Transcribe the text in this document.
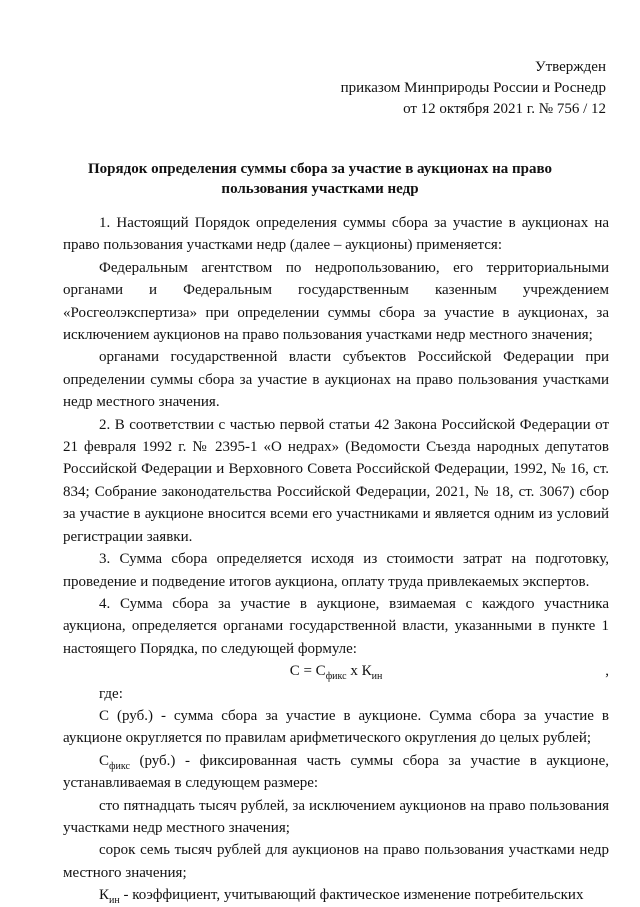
Утвержден
приказом Минприроды России и Роснедр
от 12 октября 2021 г. № 756 / 12
Порядок определения суммы сбора за участие в аукционах на право
пользования участками недр

1. Настоящий Порядок определения суммы сбора за участие в аукционах на право пользования участками недр (далее – аукционы) применяется:

Федеральным агентством по недропользованию, его территориальными органами и Федеральным государственным казенным учреждением «Росгеолэкспертиза» при определении суммы сбора за участие в аукционах, за исключением аукционов на право пользования участками недр местного значения;

органами государственной власти субъектов Российской Федерации при определении суммы сбора за участие в аукционах на право пользования участками недр местного значения.

2. В соответствии с частью первой статьи 42 Закона Российской Федерации от 21 февраля 1992 г. № 2395-1 «О недрах» (Ведомости Съезда народных депутатов Российской Федерации и Верховного Совета Российской Федерации, 1992, № 16, ст. 834; Собрание законодательства Российской Федерации, 2021, № 18, ст. 3067) сбор за участие в аукционе вносится всеми его участниками и является одним из условий регистрации заявки.

3. Сумма сбора определяется исходя из стоимости затрат на подготовку, проведение и подведение итогов аукциона, оплату труда привлекаемых экспертов.

4. Сумма сбора за участие в аукционе, взимаемая с каждого участника аукциона, определяется органами государственной власти, указанными в пункте 1 настоящего Порядка, по следующей формуле:

$С = С_{фикс}$ х $К_{ин}$	,

где:

С (руб.) - сумма сбора за участие в аукционе. Сумма сбора за участие в аукционе округляется по правилам арифметического округления до целых рублей;

$С_{фикс}$ (руб.) - фиксированная часть суммы сбора за участие в аукционе, устанавливаемая в следующем размере:

сто пятнадцать тысяч рублей, за исключением аукционов на право пользования участками недр местного значения;

сорок семь тысяч рублей для аукционов на право пользования участками недр местного значения;

$К_{ин}$ - коэффициент, учитывающий фактическое изменение потребительских
